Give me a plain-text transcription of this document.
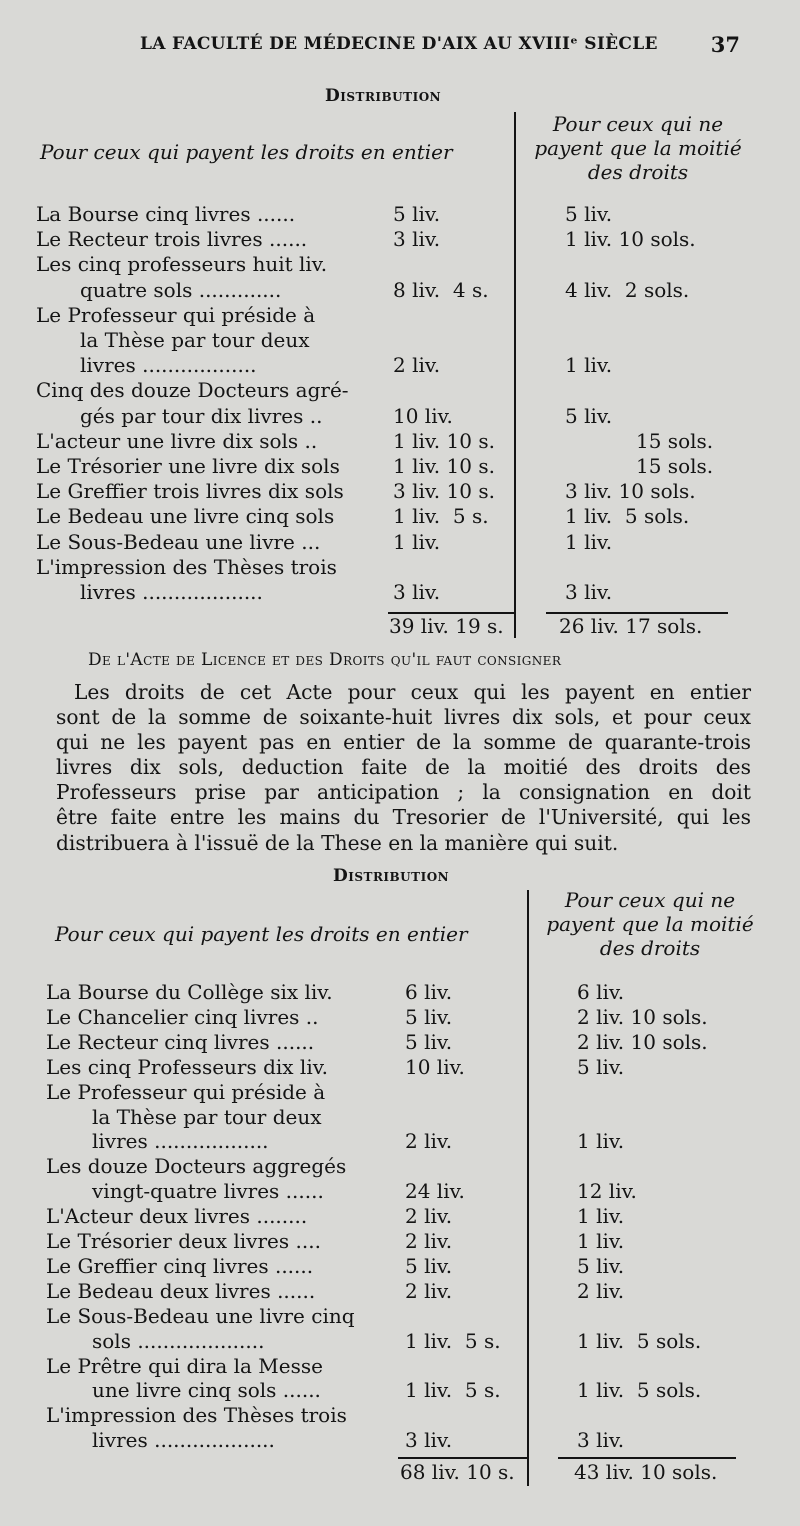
LA FACULTÉ DE MÉDECINE D'AIX AU XVIIIᵉ SIÈCLE	37
Distribution
Pour ceux qui payent les droits en entier
Pour ceux qui ne
payent que la moitié
des droits
La Bourse cinq livres ......	5 liv.	5 liv.
Le Recteur trois livres ......	3 liv.	1 liv. 10 sols.
Les cinq professeurs huit liv.
quatre sols .............	8 liv.  4 s.	4 liv.  2 sols.
Le Professeur qui préside à
la Thèse par tour deux
livres ..................	2 liv.	1 liv.
Cinq des douze Docteurs agré-
gés par tour dix livres ..	10 liv.	5 liv.
L'acteur une livre dix sols ..	1 liv. 10 s.	15 sols.
Le Trésorier une livre dix sols	1 liv. 10 s.	15 sols.
Le Greffier trois livres dix sols 3 liv. 10 s.	3 liv. 10 sols.
Le Bedeau une livre cinq sols	1 liv.  5 s.	1 liv.  5 sols.
Le Sous-Bedeau une livre ...	1 liv.	1 liv.
L'impression des Thèses trois
livres ...................	3 liv.	3 liv.
39 liv. 19 s.	26 liv. 17 sols.
De l'Acte de Licence et des Droits qu'il faut consigner
Les droits de cet Acte pour ceux qui les payent en entier
sont de la somme de soixante-huit livres dix sols, et pour ceux
qui ne les payent pas en entier de la somme de quarante-trois
livres dix sols, deduction faite de la moitié des droits des
Professeurs prise par anticipation ; la consignation en doit
être faite entre les mains du Tresorier de l'Université, qui les
distribuera à l'issuë de la These en la manière qui suit.
Distribution
Pour ceux qui payent les droits en entier
Pour ceux qui ne
payent que la moitié
des droits
La Bourse du Collège six liv.	6 liv.	6 liv.
Le Chancelier cinq livres ..	5 liv.	2 liv. 10 sols.
Le Recteur cinq livres ......	5 liv.	2 liv. 10 sols.
Les cinq Professeurs dix liv.	10 liv.	5 liv.
Le Professeur qui préside à
la Thèse par tour deux
livres ..................	2 liv.	1 liv.
Les douze Docteurs aggregés
vingt-quatre livres ......	24 liv.	12 liv.
L'Acteur deux livres ........	2 liv.	1 liv.
Le Trésorier deux livres ....	2 liv.	1 liv.
Le Greffier cinq livres ......	5 liv.	5 liv.
Le Bedeau deux livres ......	2 liv.	2 liv.
Le Sous-Bedeau une livre cinq
sols ....................	1 liv.  5 s.	1 liv.  5 sols.
Le Prêtre qui dira la Messe
une livre cinq sols ......	1 liv.  5 s.	1 liv.  5 sols.
L'impression des Thèses trois
livres ...................	3 liv.	3 liv.
68 liv. 10 s.	43 liv. 10 sols.
